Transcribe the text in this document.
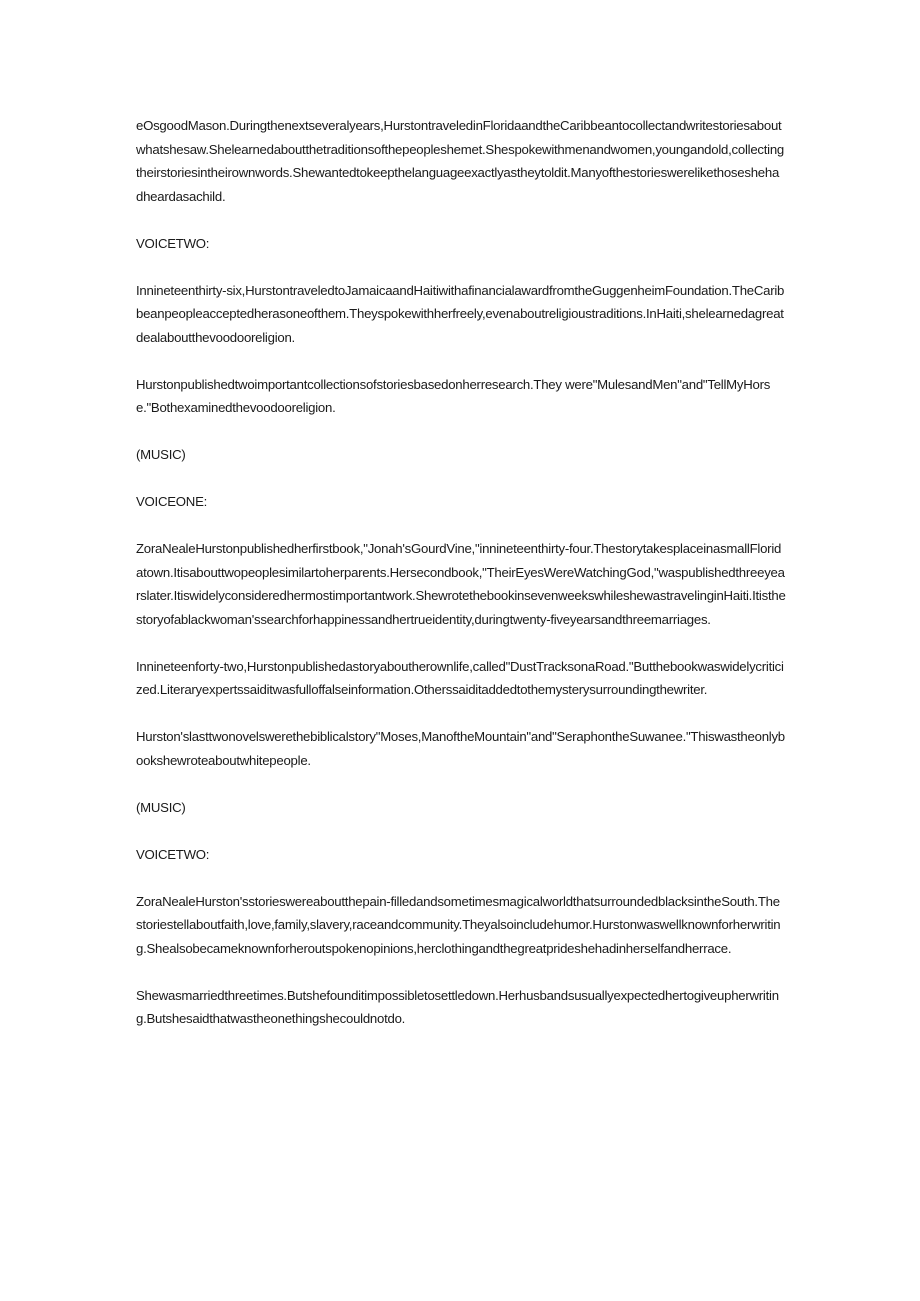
eOsgoodMason.Duringthenextseveralyears,HurstontraveledinFloridaandtheCaribbeantocollectandwritestoriesaboutwhatshesaw.Shelearnedaboutthetraditionsofthepeopleshemet.Shespokewithmenandwomen,youngandold,collectingtheirstoriesintheirownwords.Shewantedtokeepthelanguageexactlyastheytoldit.Manyofthestorieswerelikethoseshehadheardasachild.

VOICETWO:

Innineteenthirty-six,HurstontraveledtoJamaicaandHaitiwithafinancialawardfromtheGuggenheimFoundation.TheCaribbeanpeopleacceptedherasoneofthem.Theyspokewithherfreely,evenaboutreligioustraditions.InHaiti,shelearnedagreatdealaboutthevoodooreligion.

Hurstonpublishedtwoimportantcollectionsofstoriesbasedonherresearch.They were"MulesandMen"and"TellMyHorse."Bothexaminedthevoodooreligion.

(MUSIC)

VOICEONE:

ZoraNealeHurstonpublishedherfirstbook,"Jonah'sGourdVine,"innineteenthirty-four.ThestorytakesplaceinasmallFloridatown.Itisabouttwopeoplesimilartoherparents.Hersecondbook,"TheirEyesWereWatchingGod,"waspublishedthreeyearslater.Itiswidelyconsideredhermostimportantwork.ShewrotethebookinsevenweekswhileshewastravelinginHaiti.Itisthestoryofablackwoman'ssearchforhappinessandhertrueidentity,duringtwenty-fiveyearsandthreemarriages.

Innineteenforty-two,Hurstonpublishedastoryaboutherownlife,called"DustTracksonaRoad."Butthebookwaswidelycriticized.Literaryexpertssaiditwasfulloffalseinformation.Otherssaiditaddedtothemysterysurroundingthewriter.

Hurston'slasttwonovelswerethebiblicalstory"Moses,ManoftheMountain"and"SeraphontheSuwanee."Thiswastheonlybookshewroteaboutwhitepeople.

(MUSIC)

VOICETWO:

ZoraNealeHurston'sstorieswereaboutthepain-filledandsometimesmagicalworldthatsurroundedblacksintheSouth.Thestoriestellaboutfaith,love,family,slavery,raceandcommunity.Theyalsoincludehumor.Hurstonwaswellknownforherwriting.Shealsobecameknownforheroutspokenopinions,herclothingandthegreatprideshehadinherselfandherrace.

Shewasmarriedthreetimes.Butshefounditimpossibletosettledown.Herhusbandsusuallyexpectedhertogiveupherwriting.Butshesaidthatwastheonethingshecouldnotdo.
